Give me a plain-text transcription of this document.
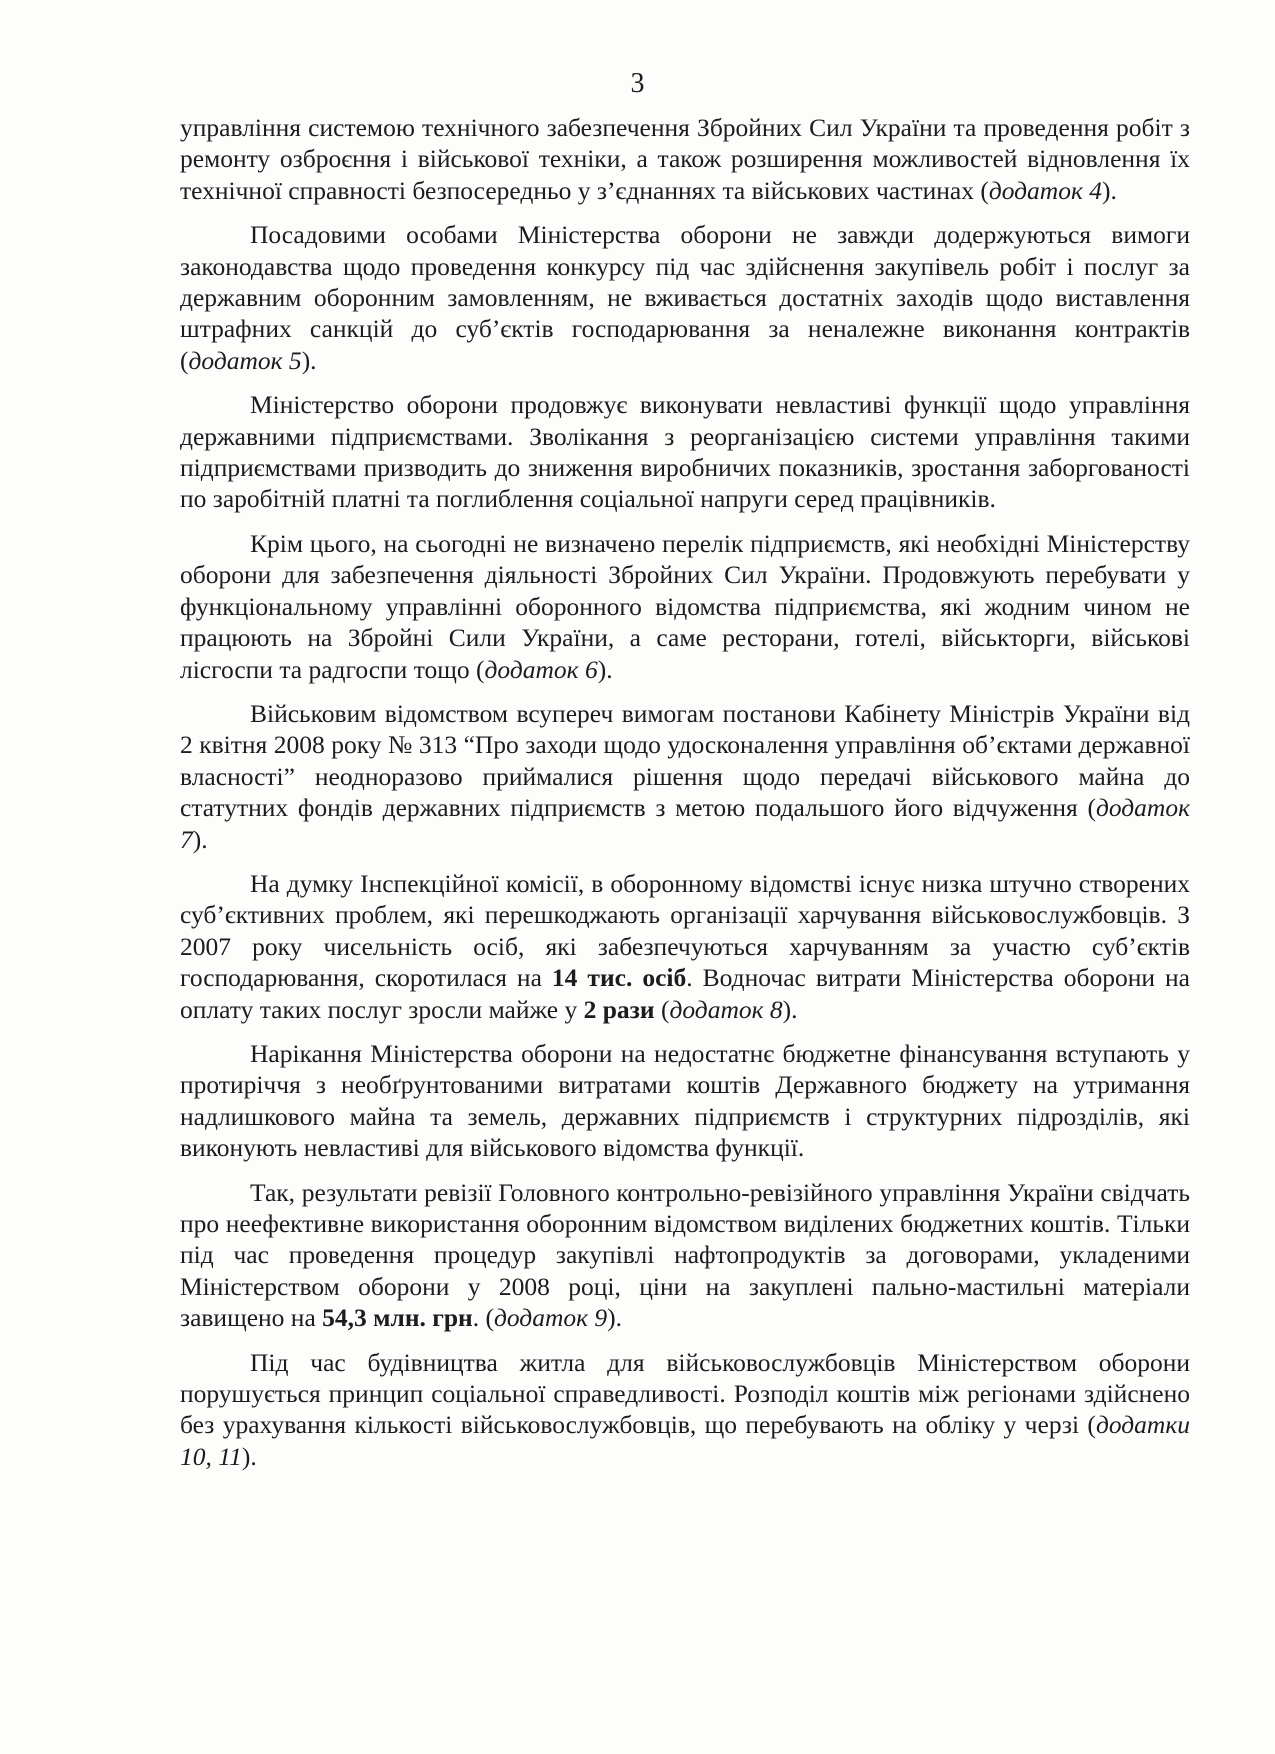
3

управління системою технічного забезпечення Збройних Сил України та проведення робіт з ремонту озброєння і військової техніки, а також розширення можливостей відновлення їх технічної справності безпосередньо у з’єднаннях та військових частинах (додаток 4).

Посадовими особами Міністерства оборони не завжди додержуються вимоги законодавства щодо проведення конкурсу під час здійснення закупівель робіт і послуг за державним оборонним замовленням, не вживається достатніх заходів щодо виставлення штрафних санкцій до суб’єктів господарювання за неналежне виконання контрактів (додаток 5).

Міністерство оборони продовжує виконувати невластиві функції щодо управління державними підприємствами. Зволікання з реорганізацією системи управління такими підприємствами призводить до зниження виробничих показників, зростання заборгованості по заробітній платні та поглиблення соціальної напруги серед працівників.

Крім цього, на сьогодні не визначено перелік підприємств, які необхідні Міністерству оборони для забезпечення діяльності Збройних Сил України. Продовжують перебувати у функціональному управлінні оборонного відомства підприємства, які жодним чином не працюють на Збройні Сили України, а саме ресторани, готелі, військторги, військові лісгоспи та радгоспи тощо (додаток 6).

Військовим відомством всупереч вимогам постанови Кабінету Міністрів України від 2 квітня 2008 року № 313 “Про заходи щодо удосконалення управління об’єктами державної власності” неодноразово приймалися рішення щодо передачі військового майна до статутних фондів державних підприємств з метою подальшого його відчуження (додаток 7).

На думку Інспекційної комісії, в оборонному відомстві існує низка штучно створених суб’єктивних проблем, які перешкоджають організації харчування військовослужбовців. З 2007 року чисельність осіб, які забезпечуються харчуванням за участю суб’єктів господарювання, скоротилася на 14 тис. осіб. Водночас витрати Міністерства оборони на оплату таких послуг зросли майже у 2 рази (додаток 8).

Нарікання Міністерства оборони на недостатнє бюджетне фінансування вступають у протиріччя з необґрунтованими витратами коштів Державного бюджету на утримання надлишкового майна та земель, державних підприємств і структурних підрозділів, які виконують невластиві для військового відомства функції.

Так, результати ревізії Головного контрольно-ревізійного управління України свідчать про неефективне використання оборонним відомством виділених бюджетних коштів. Тільки під час проведення процедур закупівлі нафтопродуктів за договорами, укладеними Міністерством оборони у 2008 році, ціни на закуплені пально-мастильні матеріали завищено на 54,3 млн. грн. (додаток 9).

Під час будівництва житла для військовослужбовців Міністерством оборони порушується принцип соціальної справедливості. Розподіл коштів між регіонами здійснено без урахування кількості військовослужбовців, що перебувають на обліку у черзі (додатки 10, 11).
